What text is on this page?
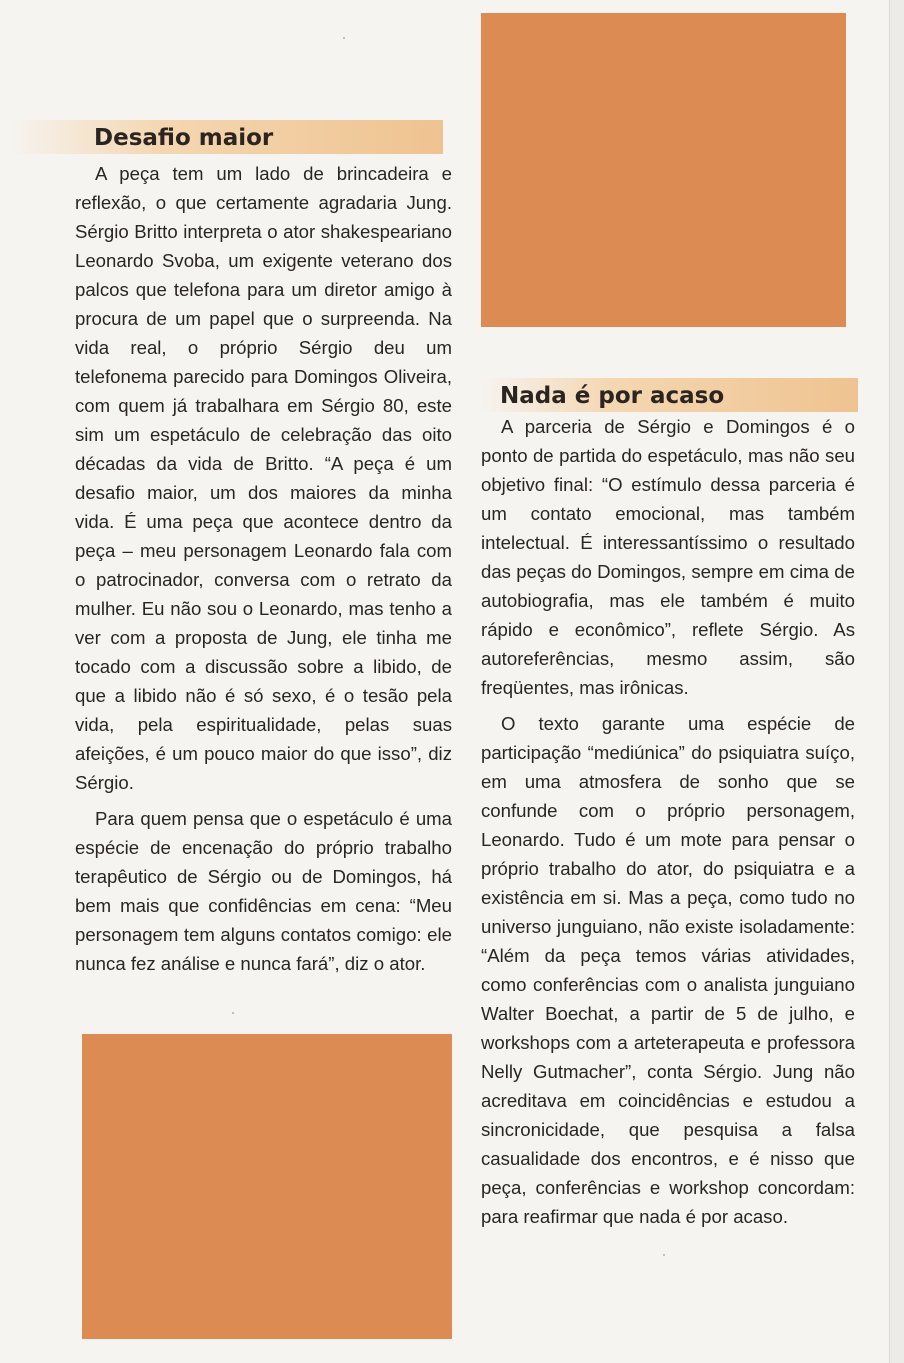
Desafio maior

A peça tem um lado de brincadeira e reflexão, o que certamente agradaria Jung. Sérgio Britto interpreta o ator shakespeariano Leonardo Svoba, um exigente veterano dos palcos que telefona para um diretor amigo à procura de um papel que o surpreenda. Na vida real, o próprio Sérgio deu um telefonema parecido para Domingos Oliveira, com quem já trabalhara em Sérgio 80, este sim um espetáculo de celebração das oito décadas da vida de Britto. “A peça é um desafio maior, um dos maiores da minha vida. É uma peça que acontece dentro da peça – meu personagem Leonardo fala com o patrocinador, conversa com o retrato da mulher. Eu não sou o Leonardo, mas tenho a ver com a proposta de Jung, ele tinha me tocado com a discussão sobre a libido, de que a libido não é só sexo, é o tesão pela vida, pela espiritualidade, pelas suas afeições, é um pouco maior do que isso”, diz Sérgio.

Para quem pensa que o espetáculo é uma espécie de encenação do próprio trabalho terapêutico de Sérgio ou de Domingos, há bem mais que confidências em cena: “Meu personagem tem alguns contatos comigo: ele nunca fez análise e nunca fará”, diz o ator.

Nada é por acaso

A parceria de Sérgio e Domingos é o ponto de partida do espetáculo, mas não seu objetivo final: “O estímulo dessa parceria é um contato emocional, mas também intelectual. É interessantíssimo o resultado das peças do Domingos, sempre em cima de autobiografia, mas ele também é muito rápido e econômico”, reflete Sérgio. As autoreferências, mesmo assim, são freqüentes, mas irônicas.

O texto garante uma espécie de participação “mediúnica” do psiquiatra suíço, em uma atmosfera de sonho que se confunde com o próprio personagem, Leonardo. Tudo é um mote para pensar o próprio trabalho do ator, do psiquiatra e a existência em si. Mas a peça, como tudo no universo junguiano, não existe isoladamente: “Além da peça temos várias atividades, como conferências com o analista junguiano Walter Boechat, a partir de 5 de julho, e workshops com a arteterapeuta e professora Nelly Gutmacher”, conta Sérgio. Jung não acreditava em coincidências e estudou a sincronicidade, que pesquisa a falsa casualidade dos encontros, e é nisso que peça, conferências e workshop concordam: para reafirmar que nada é por acaso.
